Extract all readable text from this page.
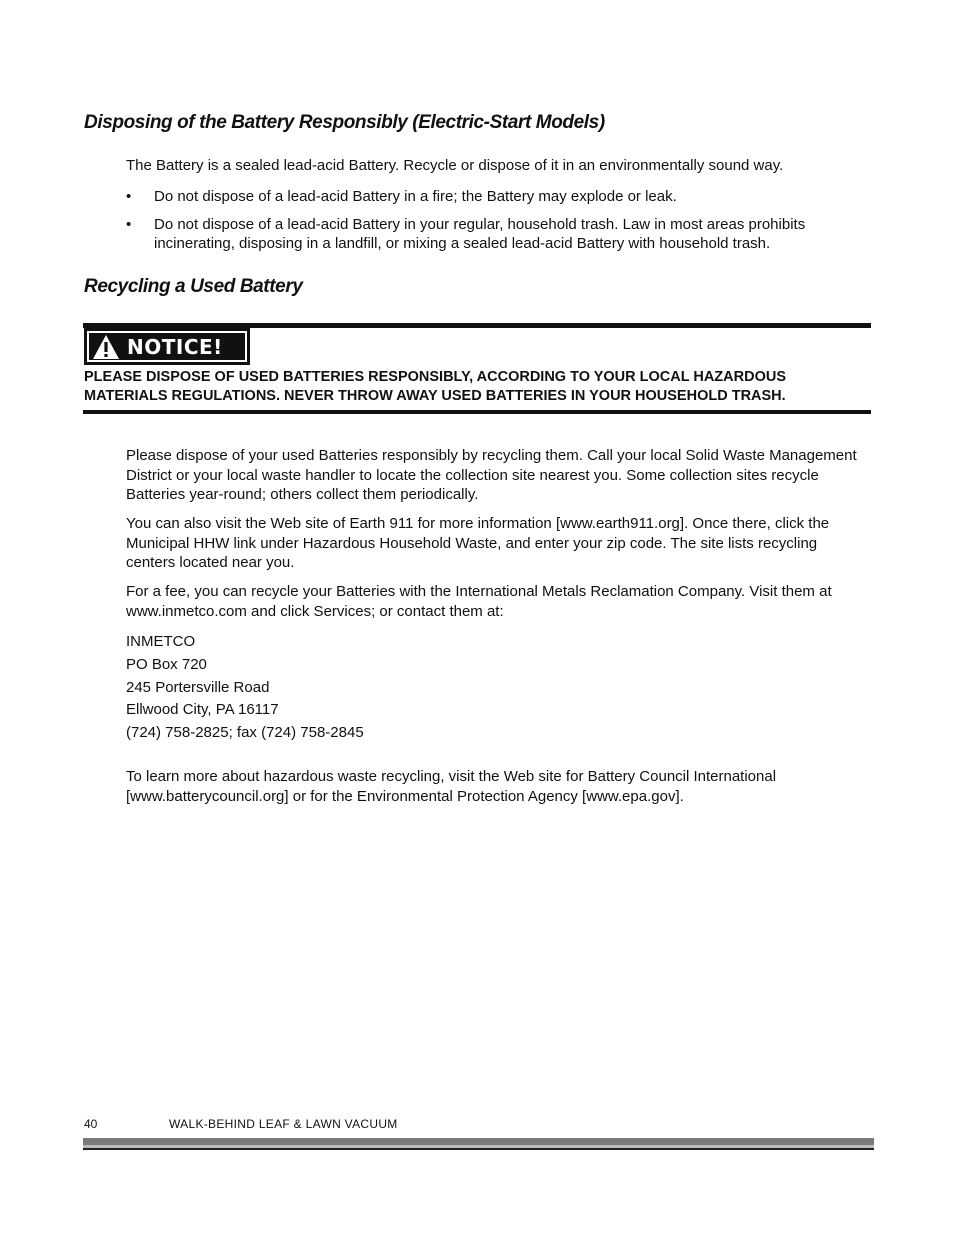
Disposing of the Battery Responsibly (Electric-Start Models)

The Battery is a sealed lead-acid Battery. Recycle or dispose of it in an environmentally sound way.

• Do not dispose of a lead-acid Battery in a fire; the Battery may explode or leak.
• Do not dispose of a lead-acid Battery in your regular, household trash. Law in most areas prohibits incinerating, disposing in a landfill, or mixing a sealed lead-acid Battery with household trash.
Recycling a Used Battery
NOTICE!

PLEASE DISPOSE OF USED BATTERIES RESPONSIBLY, ACCORDING TO YOUR LOCAL HAZARDOUS MATERIALS REGULATIONS. NEVER THROW AWAY USED BATTERIES IN YOUR HOUSEHOLD TRASH.

Please dispose of your used Batteries responsibly by recycling them. Call your local Solid Waste Management District or your local waste handler to locate the collection site nearest you. Some collection sites recycle Batteries year-round; others collect them periodically.

You can also visit the Web site of Earth 911 for more information [www.earth911.org]. Once there, click the Municipal HHW link under Hazardous Household Waste, and enter your zip code. The site lists recycling centers located near you.

For a fee, you can recycle your Batteries with the International Metals Reclamation Company. Visit them at www.inmetco.com and click Services; or contact them at:

INMETCO
PO Box 720
245 Portersville Road
Ellwood City, PA 16117
(724) 758-2825; fax (724) 758-2845

To learn more about hazardous waste recycling, visit the Web site for Battery Council International [www.batterycouncil.org] or for the Environmental Protection Agency [www.epa.gov].

40	WALK-BEHIND LEAF & LAWN VACUUM
